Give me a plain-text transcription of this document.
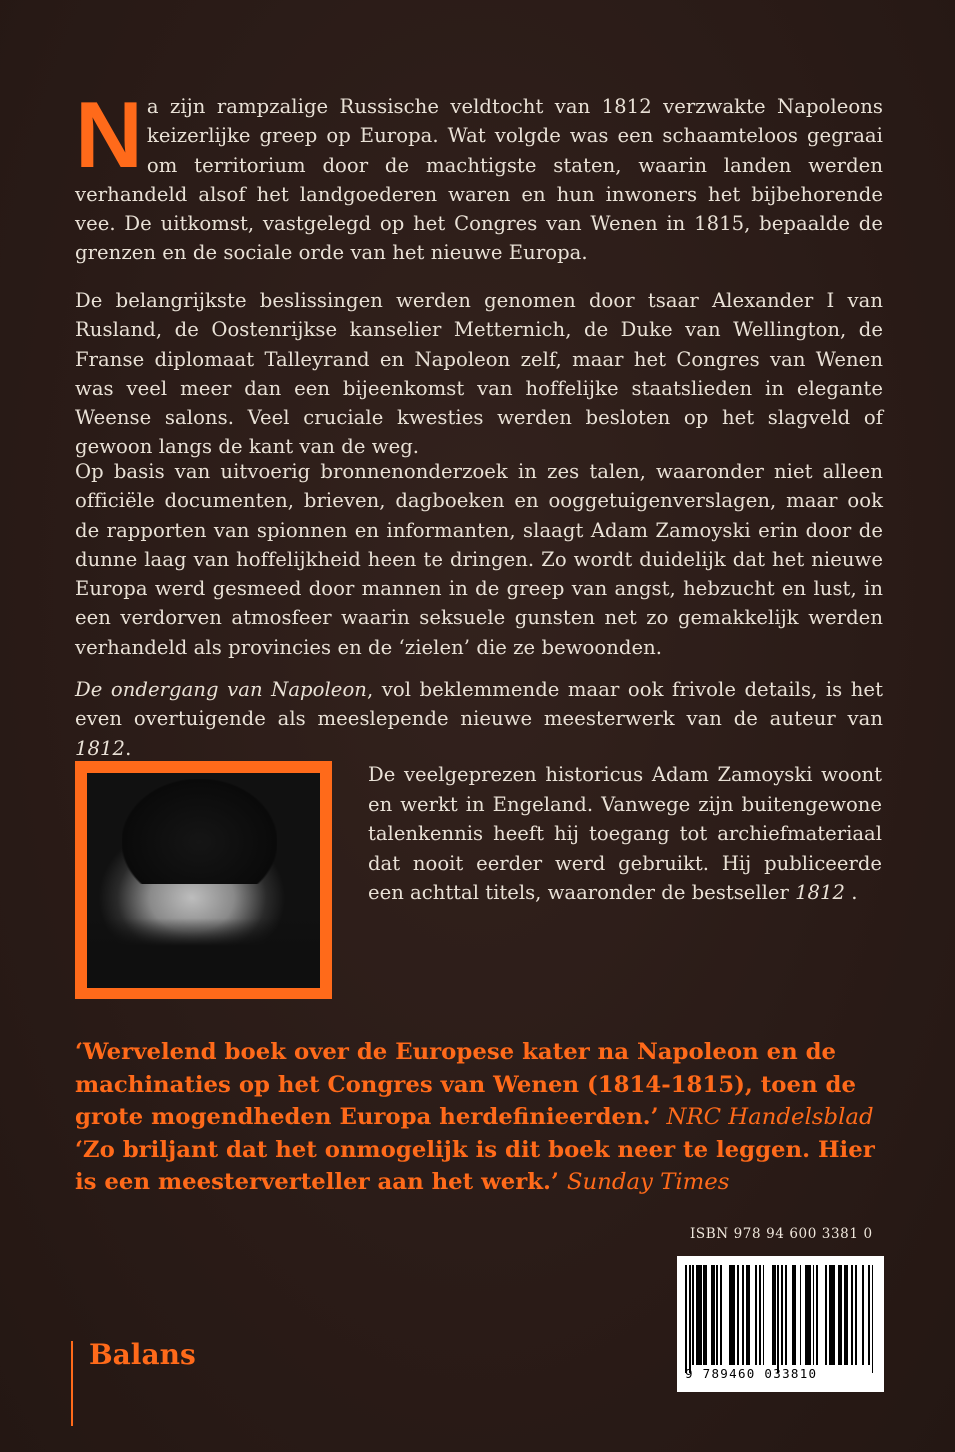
Na zijn rampzalige Russische veldtocht van 1812 verzwakte Napoleons keizerlijke greep op Europa. Wat volgde was een schaamteloos gegraai om territorium door de machtigste staten, waarin landen werden verhandeld alsof het landgoederen waren en hun inwoners het bijbehorende vee. De uitkomst, vastgelegd op het Congres van Wenen in 1815, bepaalde de grenzen en de sociale orde van het nieuwe Europa.
De belangrijkste beslissingen werden genomen door tsaar Alexander I van Rusland, de Oostenrijkse kanselier Metternich, de Duke van Wellington, de Franse diplomaat Talleyrand en Napoleon zelf, maar het Congres van Wenen was veel meer dan een bijeenkomst van hoffelijke staatslieden in elegante Weense salons. Veel cruciale kwesties werden besloten op het slagveld of gewoon langs de kant van de weg.
Op basis van uitvoerig bronnenonderzoek in zes talen, waaronder niet alleen officiële documenten, brieven, dagboeken en ooggetuigenverslagen, maar ook de rapporten van spionnen en informanten, slaagt Adam Zamoyski erin door de dunne laag van hoffelijkheid heen te dringen. Zo wordt duidelijk dat het nieuwe Europa werd gesmeed door mannen in de greep van angst, hebzucht en lust, in een verdorven atmosfeer waarin seksuele gunsten net zo gemakkelijk werden verhandeld als provincies en de ‘zielen’ die ze bewoonden.
De ondergang van Napoleon, vol beklemmende maar ook frivole details, is het even overtuigende als meeslepende nieuwe meesterwerk van de auteur van 1812.
De veelgeprezen historicus Adam Zamoyski woont en werkt in Engeland. Vanwege zijn buitengewone talenkennis heeft hij toegang tot archiefmateriaal dat nooit eerder werd gebruikt. Hij publiceerde een achttal titels, waaronder de bestseller 1812 .

‘Wervelend boek over de Europese kater na Napoleon en de machinaties op het Congres van Wenen (1814-1815), toen de grote mogendheden Europa herdefinieerden.’ NRC Handelsblad

‘Zo briljant dat het onmogelijk is dit boek neer te leggen. Hier is een meesterverteller aan het werk.’ Sunday Times

ISBN 978 94 600 3381 0
9 789460 033810
Balans
